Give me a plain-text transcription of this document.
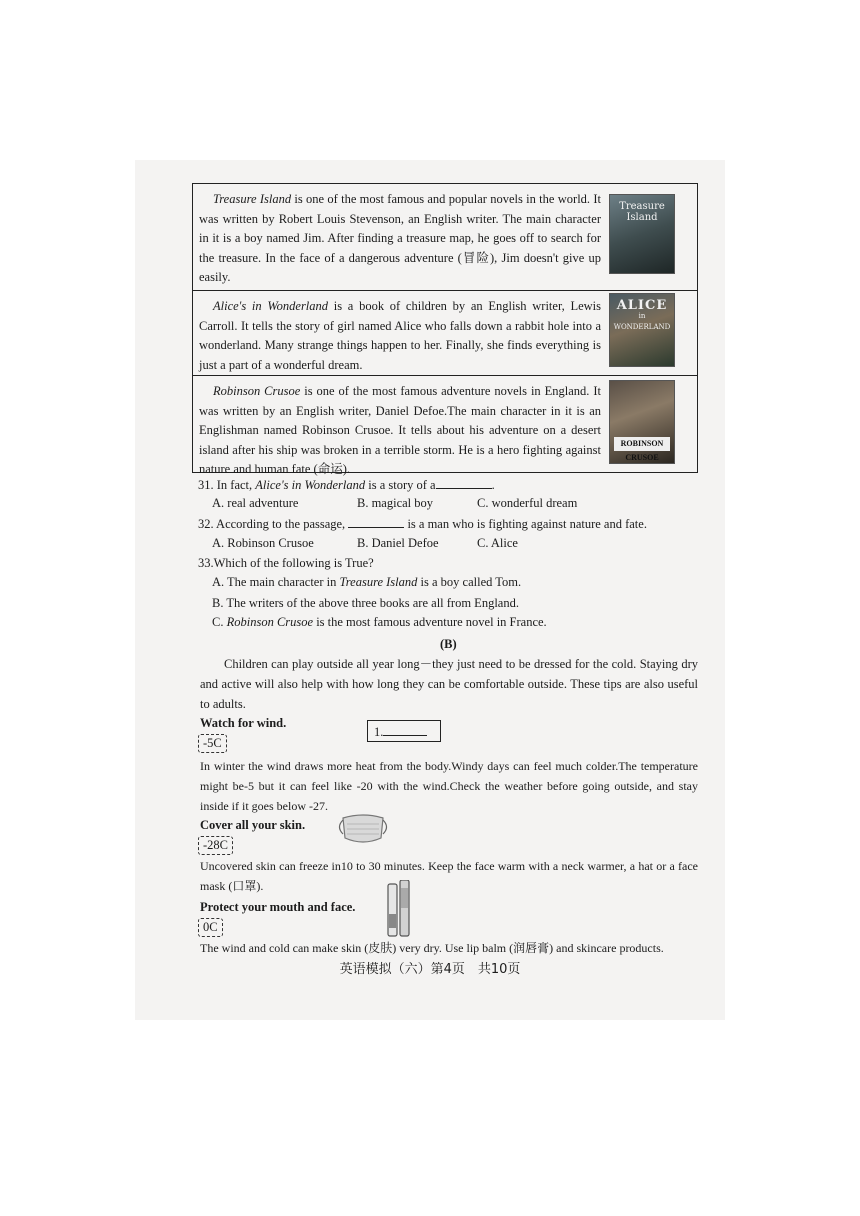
Treasure Island is one of the most famous and popular novels in the world. It was written by Robert Louis Stevenson, an English writer. The main character in it is a boy named Jim. After finding a treasure map, he goes off to search for the treasure. In the face of a dangerous adventure (冒险), Jim doesn't give up easily.
Treasure Island
Alice's in Wonderland is a book of children by an English writer, Lewis Carroll. It tells the story of girl named Alice who falls down a rabbit hole into a wonderland. Many strange things happen to her. Finally, she finds everything is just a part of a wonderful dream.
ALICE
in WONDERLAND
Robinson Crusoe is one of the most famous adventure novels in England. It was written by an English writer, Daniel Defoe.The main character in it is an Englishman named Robinson Crusoe. It tells about his adventure on a desert island after his ship was broken in a terrible storm. He is a hero fighting against nature and human fate (命运).
ROBINSON CRUSOE
31. In fact, Alice's in Wonderland is a story of a	.
A. real adventure	B. magical boy	C. wonderful dream
32. According to the passage,	is a man who is fighting against nature and fate.
A. Robinson Crusoe	B. Daniel Defoe	C. Alice
33.Which of the following is True?
A. The main character in Treasure Island is a boy called Tom.
B. The writers of the above three books are all from England.
C. Robinson Crusoe is the most famous adventure novel in France.
(B)
Children can play outside all year long－they just need to be dressed for the cold. Staying dry and active will also help with how long they can be comfortable outside. These tips are also useful to adults.
Watch for wind.
-5C
1.
In winter the wind draws more heat from the body.Windy days can feel much colder.The temperature might be-5 but it can feel like -20 with the wind.Check the weather before going outside, and stay inside if it goes below -27.
Cover all your skin.
-28C
Uncovered skin can freeze in10 to 30 minutes. Keep the face warm with a neck warmer, a hat or a face mask (口罩).
Protect your mouth and face.
0C
The wind and cold can make skin (皮肤) very dry. Use lip balm (润唇膏) and skincare products.
英语模拟（六）第4页　共10页
